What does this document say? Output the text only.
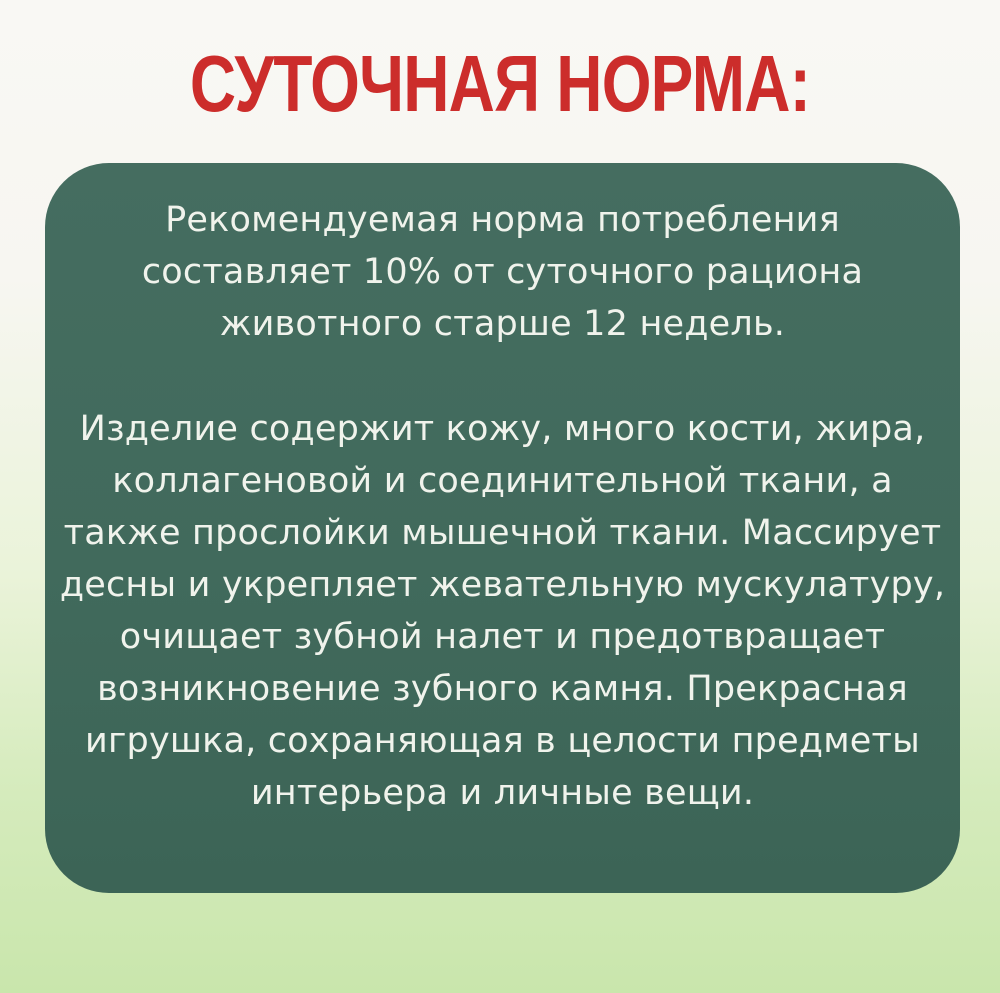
СУТОЧНАЯ НОРМА:

Рекомендуемая норма потребления составляет 10% от суточного рациона животного старше 12 недель.

Изделие содержит кожу, много кости, жира, коллагеновой и соединительной ткани, а также прослойки мышечной ткани. Массирует десны и укрепляет жевательную мускулатуру, очищает зубной налет и предотвращает возникновение зубного камня. Прекрасная игрушка, сохраняющая в целости предметы интерьера и личные вещи.
